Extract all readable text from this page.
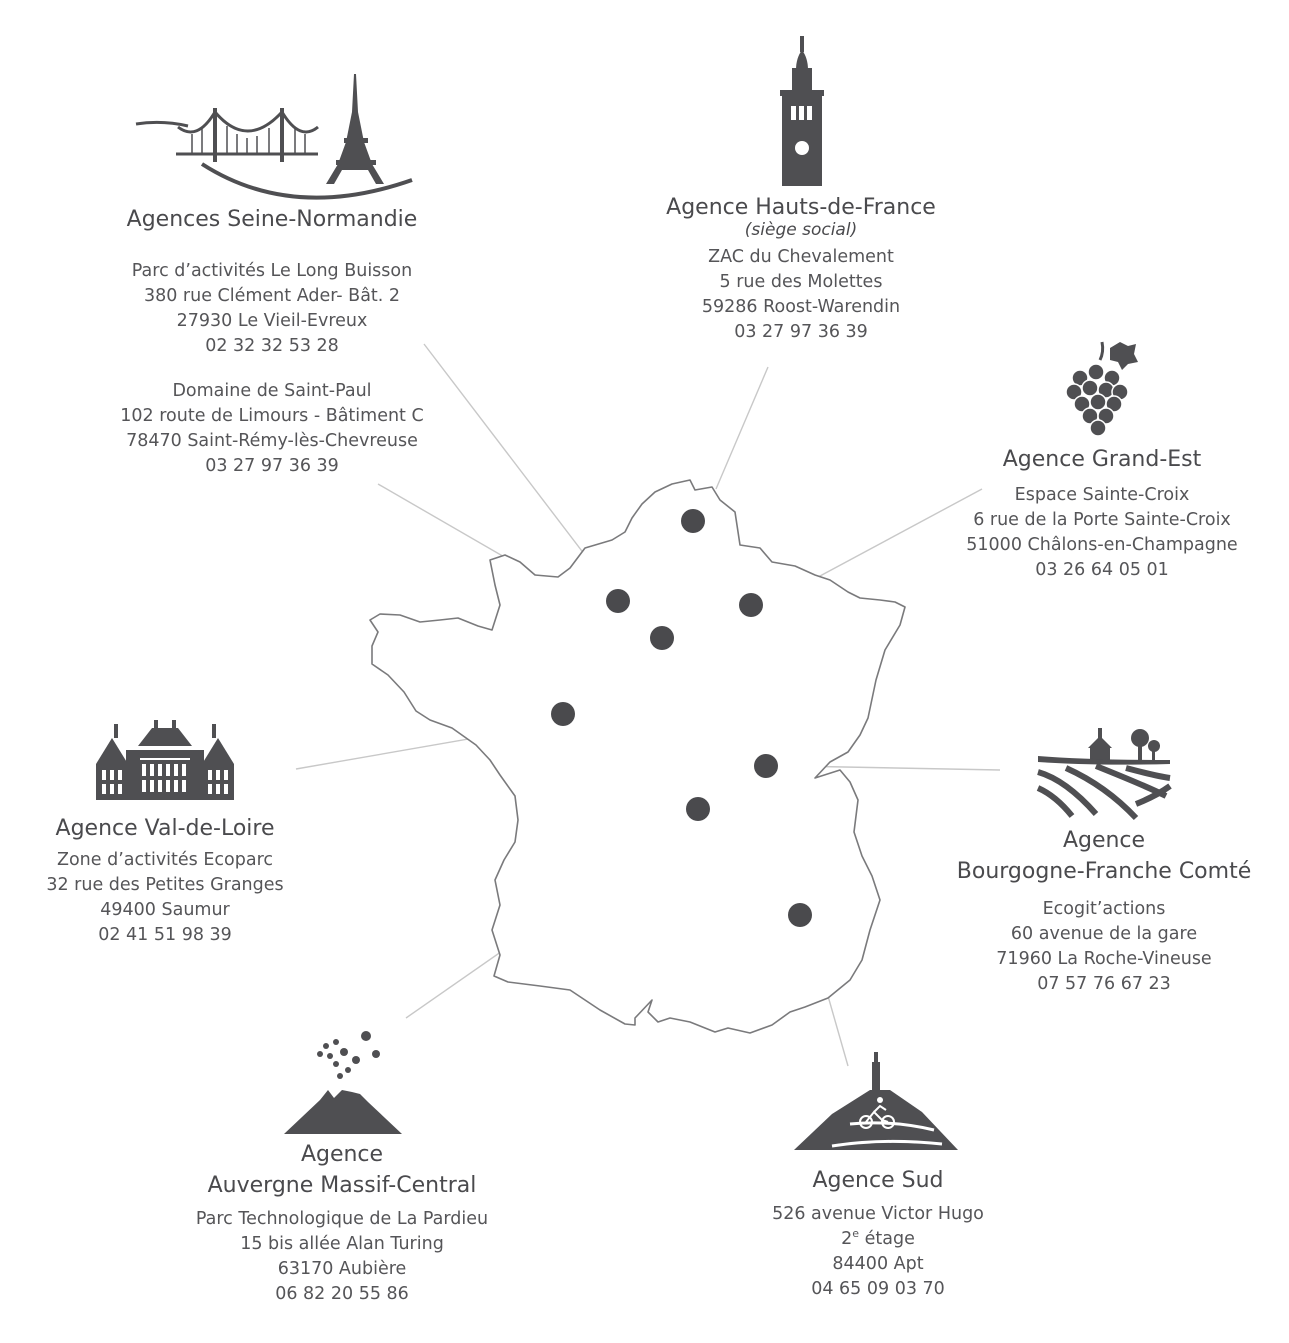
Agences Seine-Normandie
Parc d’activités Le Long Buisson
380 rue Clément Ader- Bât. 2
27930 Le Vieil-Evreux
02 32 32 53 28
Domaine de Saint-Paul
102 route de Limours - Bâtiment C
78470 Saint-Rémy-lès-Chevreuse
03 27 97 36 39
Agence Hauts-de-France
(siège social)
ZAC du Chevalement
5 rue des Molettes
59286 Roost-Warendin
03 27 97 36 39
Agence Grand-Est
Espace Sainte-Croix
6 rue de la Porte Sainte-Croix
51000 Châlons-en-Champagne
03 26 64 05 01
Agence Val-de-Loire
Zone d’activités Ecoparc
32 rue des Petites Granges
49400 Saumur
02 41 51 98 39
Agence
Bourgogne-Franche Comté
Ecogit’actions
60 avenue de la gare
71960 La Roche-Vineuse
07 57 76 67 23
Agence
Auvergne Massif-Central
Parc Technologique de La Pardieu
15 bis allée Alan Turing
63170 Aubière
06 82 20 55 86
Agence Sud
526 avenue Victor Hugo
2e étage
84400 Apt
04 65 09 03 70
